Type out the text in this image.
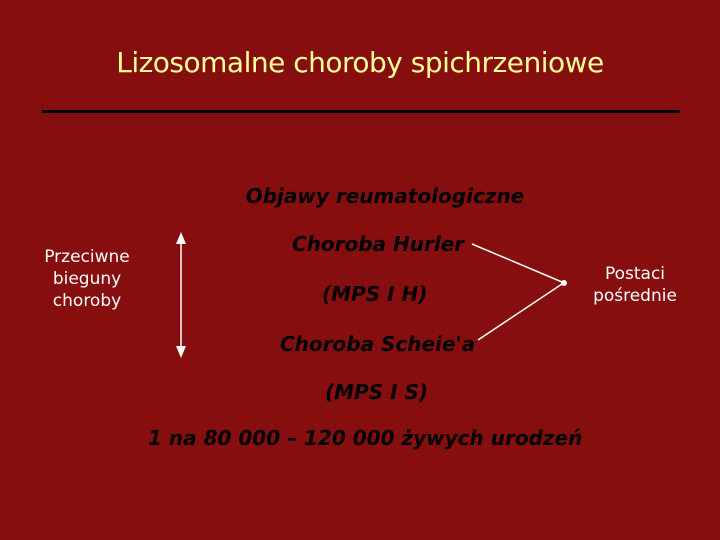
Lizosomalne choroby spichrzeniowe
Objawy reumatologiczne
Przeciwne
bieguny
choroby
Choroba Hurler
(MPS I H)
Postaci
pośrednie
Choroba Scheie'a
(MPS I S)
1 na 80 000 – 120 000 żywych urodzeń
